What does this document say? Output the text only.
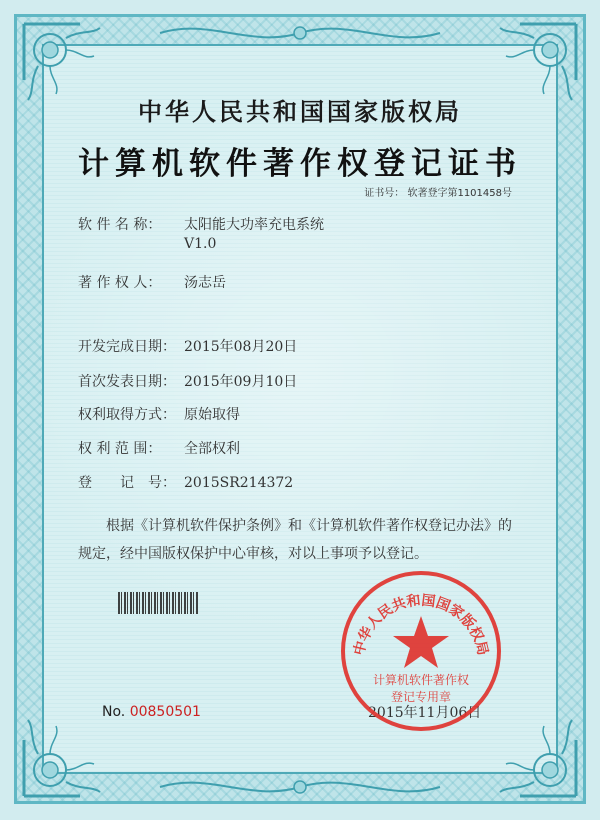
中华人民共和国国家版权局
计算机软件著作权登记证书
证书号： 软著登字第1101458号
软 件 名 称： 太阳能大功率充电系统
V1.0
著 作 权 人： 汤志岳
开发完成日期： 2015年08月20日
首次发表日期： 2015年09月10日
权利取得方式： 原始取得
权 利 范 围： 全部权利
登　　记　号： 2015SR214372
根据《计算机软件保护条例》和《计算机软件著作权登记办法》的
规定，经中国版权保护中心审核，对以上事项予以登记。
No. 00850501	2015年11月06日
中华人民共和国国家版权局
计算机软件著作权
登记专用章
